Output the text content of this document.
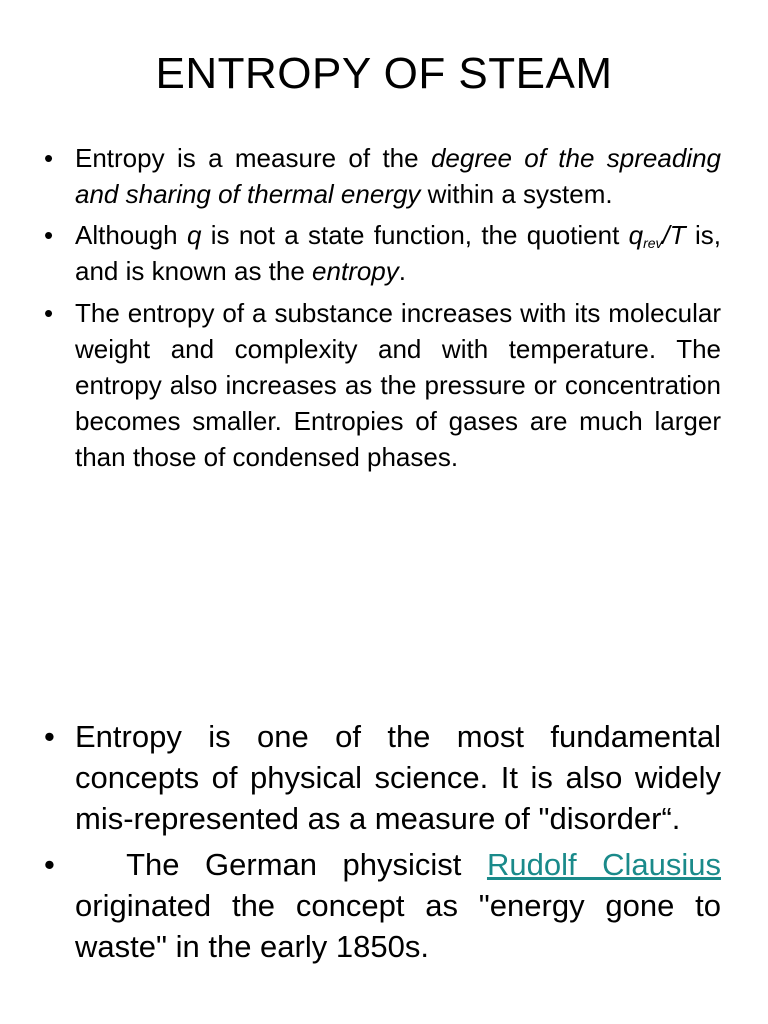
ENTROPY OF STEAM
• Entropy is a measure of the degree of the spreading and sharing of thermal energy within a system.
• Although q is not a state function, the quotient $q_{rev}/T$ is, and is known as the entropy.
• The entropy of a substance increases with its molecular weight and complexity and with temperature. The entropy also increases as the pressure or concentration becomes smaller. Entropies of gases are much larger than those of condensed phases.
• Entropy is one of the most fundamental concepts of physical science. It is also widely mis-represented as a measure of "disorder“.
• The German physicist Rudolf Clausius originated the concept as "energy gone to waste" in the early 1850s.
